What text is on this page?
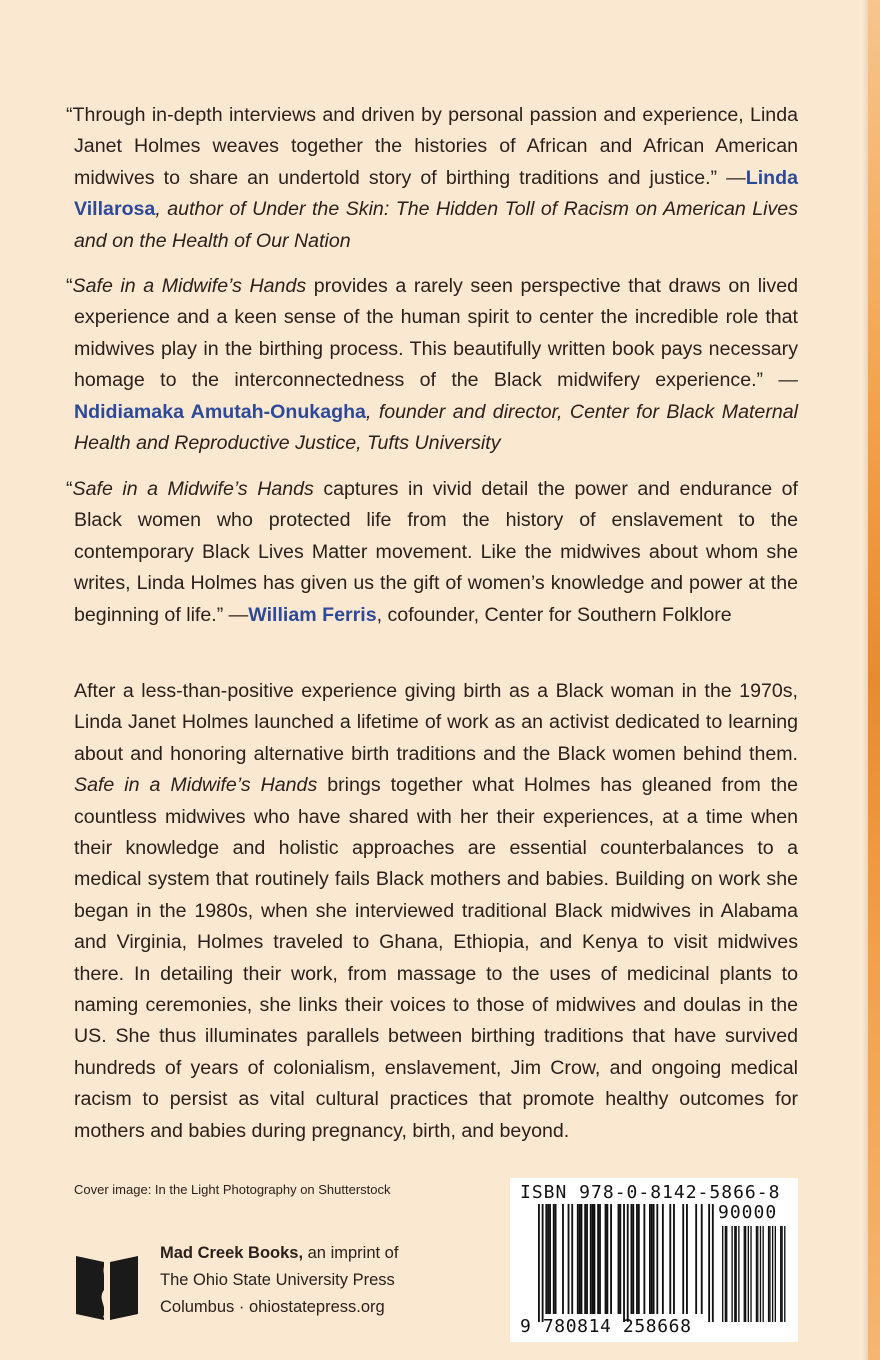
“Through in-depth interviews and driven by personal passion and experience, Linda Janet Holmes weaves together the histories of African and African American midwives to share an undertold story of birthing traditions and justice.” —Linda Villarosa, author of Under the Skin: The Hidden Toll of Racism on American Lives and on the Health of Our Nation

“Safe in a Midwife’s Hands provides a rarely seen perspective that draws on lived experience and a keen sense of the human spirit to center the incredible role that midwives play in the birthing process. This beautifully written book pays necessary homage to the interconnectedness of the Black midwifery experience.” —Ndidiamaka Amutah-Onukagha, founder and director, Center for Black Maternal Health and Reproductive Justice, Tufts University

“Safe in a Midwife’s Hands captures in vivid detail the power and endurance of Black women who protected life from the history of enslavement to the contemporary Black Lives Matter movement. Like the midwives about whom she writes, Linda Holmes has given us the gift of women’s knowledge and power at the beginning of life.” —William Ferris, cofounder, Center for Southern Folklore

After a less-than-positive experience giving birth as a Black woman in the 1970s, Linda Janet Holmes launched a lifetime of work as an activist dedicated to learning about and honoring alternative birth traditions and the Black women behind them. Safe in a Midwife’s Hands brings together what Holmes has gleaned from the countless midwives who have shared with her their experiences, at a time when their knowledge and holistic approaches are essential counterbalances to a medical system that routinely fails Black mothers and babies. Building on work she began in the 1980s, when she interviewed traditional Black midwives in Alabama and Virginia, Holmes traveled to Ghana, Ethiopia, and Kenya to visit midwives there. In detailing their work, from massage to the uses of medicinal plants to naming ceremonies, she links their voices to those of midwives and doulas in the US. She thus illuminates parallels between birthing traditions that have survived hundreds of years of colonialism, enslavement, Jim Crow, and ongoing medical racism to persist as vital cultural practices that promote healthy outcomes for mothers and babies during pregnancy, birth, and beyond.
Cover image: In the Light Photography on Shutterstock
Mad Creek Books, an imprint of
The Ohio State University Press
Columbus · ohiostatepress.org
ISBN 978-0-8142-5866-8
90000
9 780814 258668
